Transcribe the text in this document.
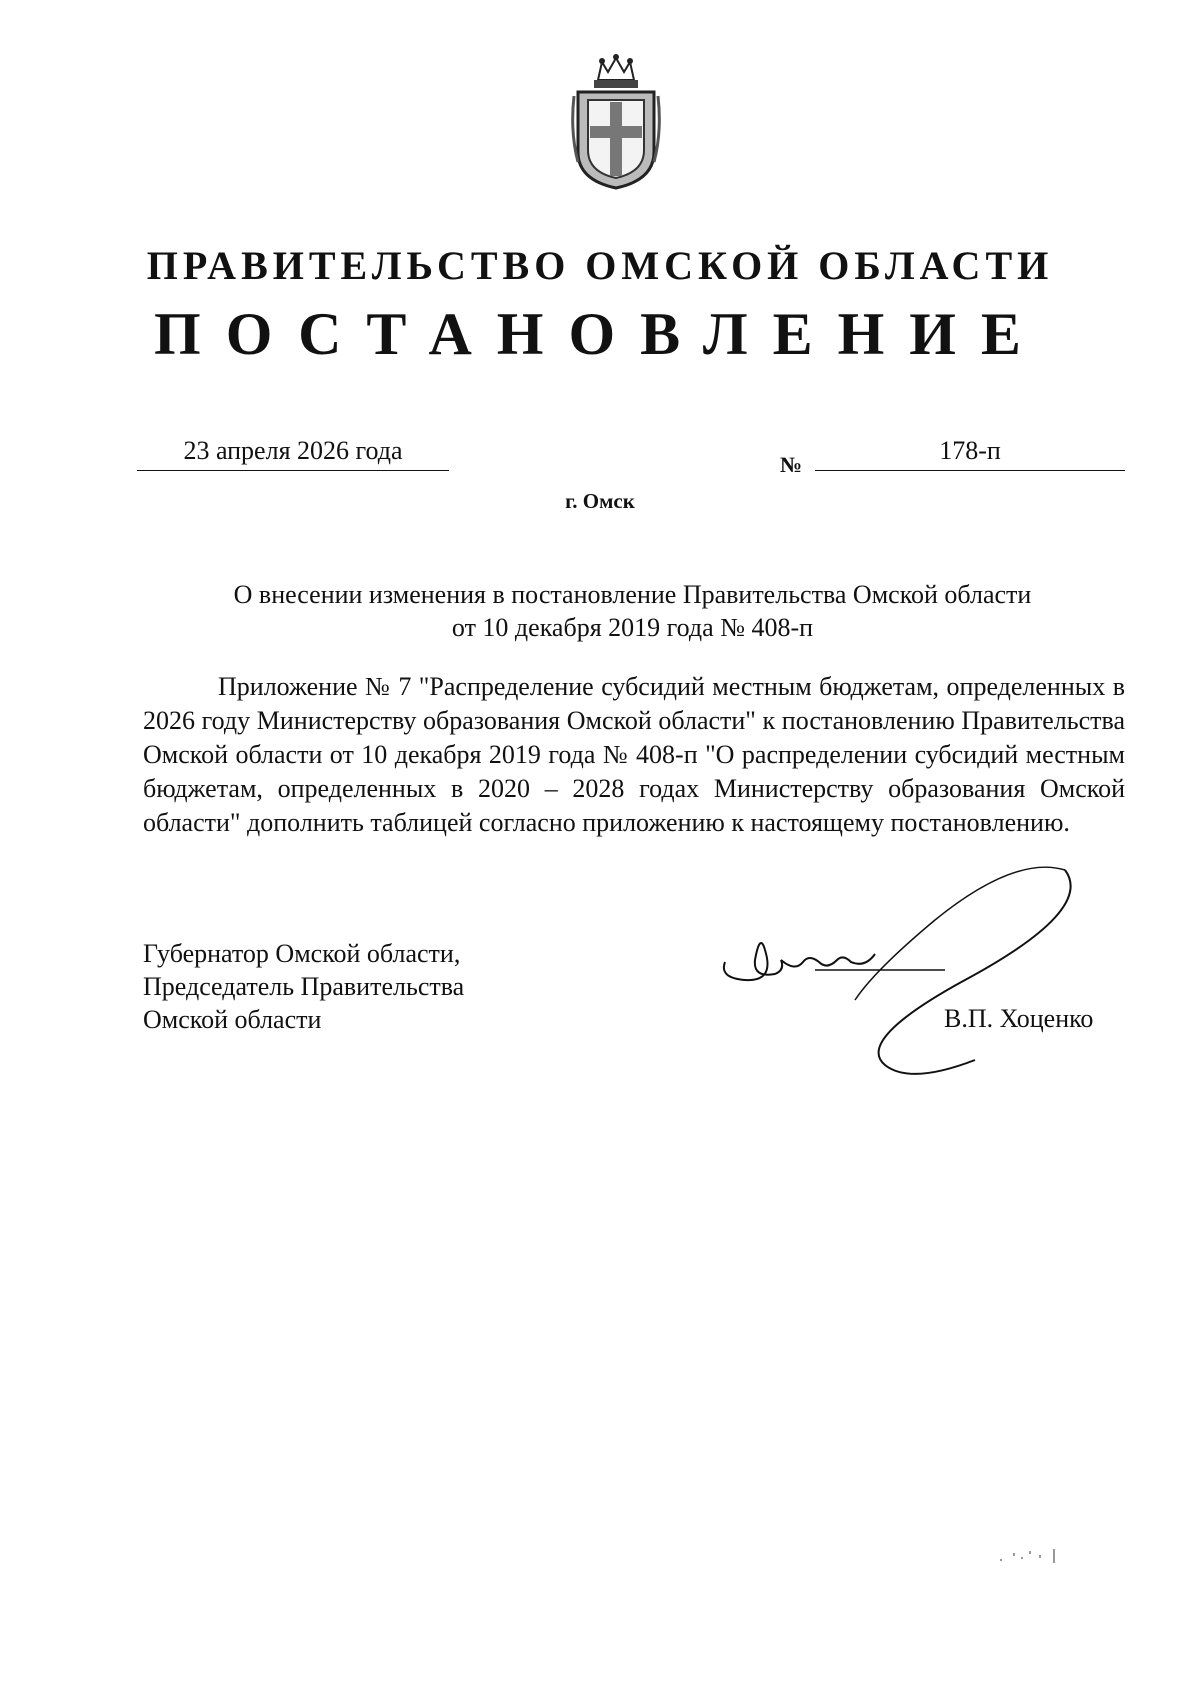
ПРАВИТЕЛЬСТВО ОМСКОЙ ОБЛАСТИ
ПОСТАНОВЛЕНИЕ
23 апреля 2026 года	№	178-п
г. Омск
О внесении изменения в постановление Правительства Омской области
от 10 декабря 2019 года № 408-п

Приложение № 7 "Распределение субсидий местным бюджетам, определенных в 2026 году Министерству образования Омской области" к постановлению Правительства Омской области от 10 декабря 2019 года № 408-п "О распределении субсидий местным бюджетам, определенных в 2020 – 2028 годах Министерству образования Омской области" дополнить таблицей согласно приложению к настоящему постановлению.

Губернатор Омской области,
Председатель Правительства
Омской области	В.П. Хоценко
